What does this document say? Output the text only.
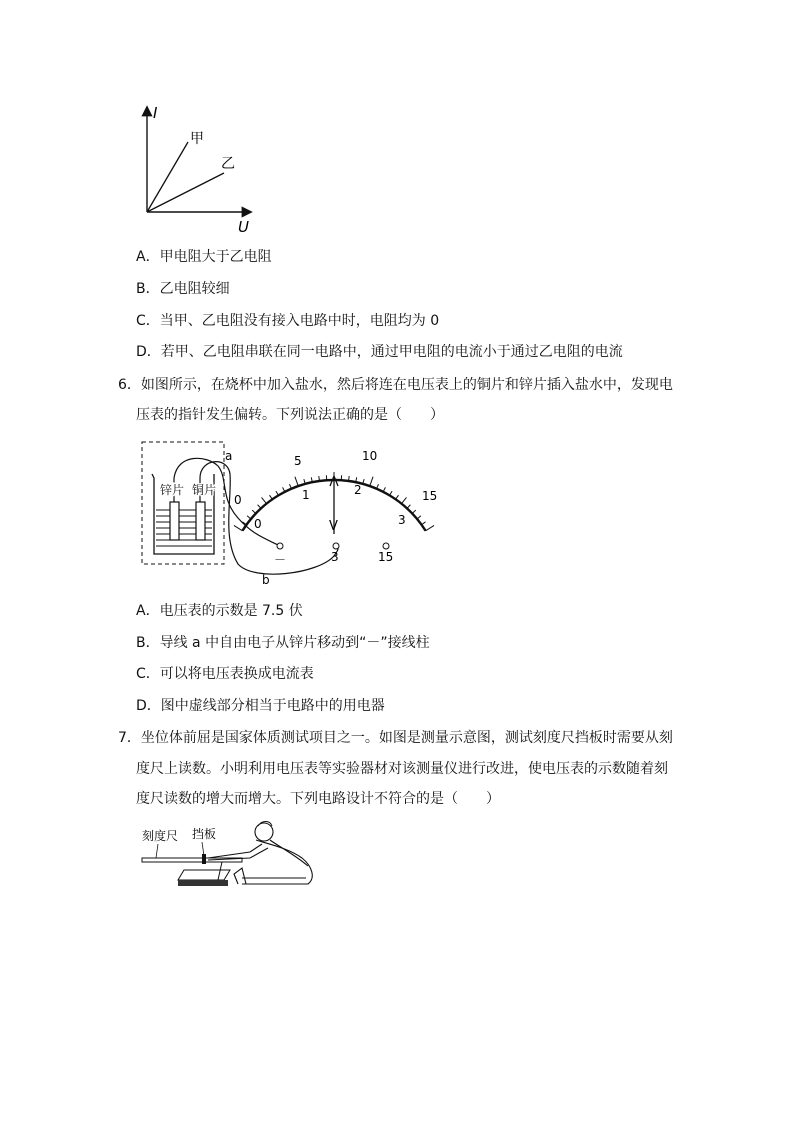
I
U
甲
乙
A．甲电阻大于乙电阻
B．乙电阻较细
C．当甲、乙电阻没有接入电路中时，电阻均为 0
D．若甲、乙电阻串联在同一电路中，通过甲电阻的电流小于通过乙电阻的电流
6．如图所示，在烧杯中加入盐水，然后将连在电压表上的铜片和锌片插入盐水中，发现电
压表的指针发生偏转。下列说法正确的是（　　）
锌片 铜片
a
b
0
5	10
15
0
1	2
3
V
－	3	15
A．电压表的示数是 7.5 伏
B．导线 a 中自由电子从锌片移动到“－”接线柱
C．可以将电压表换成电流表
D．图中虚线部分相当于电路中的用电器
7．坐位体前屈是国家体质测试项目之一。如图是测量示意图，测试刻度尺挡板时需要从刻
度尺上读数。小明利用电压表等实验器材对该测量仪进行改进，使电压表的示数随着刻
度尺读数的增大而增大。下列电路设计不符合的是（　　）
刻度尺 挡板
